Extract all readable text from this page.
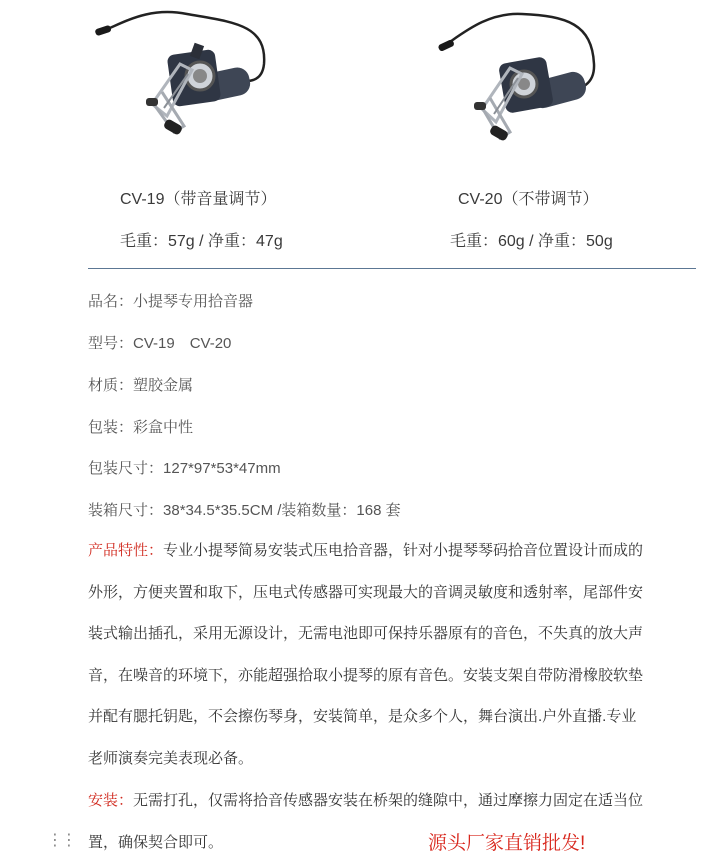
CV-19（带音量调节）
毛重：57g / 净重：47g
CV-20（不带调节）
毛重：60g / 净重：50g
品名：小提琴专用拾音器
型号：CV-19　CV-20
材质：塑胶金属
包装：彩盒中性
包装尺寸：127*97*53*47mm
装箱尺寸：38*34.5*35.5CM /装箱数量：168 套
产品特性：专业小提琴简易安装式压电拾音器，针对小提琴琴码拾音位置设计而成的外形，方便夹置和取下，压电式传感器可实现最大的音调灵敏度和透射率，尾部件安装式输出插孔，采用无源设计，无需电池即可保持乐器原有的音色，不失真的放大声音，在噪音的环境下，亦能超强拾取小提琴的原有音色。安装支架自带防滑橡胶软垫并配有腮托钥匙，不会擦伤琴身，安装简单，是众多个人，舞台演出.户外直播.专业老师演奏完美表现必备。
安装：无需打孔，仅需将拾音传感器安装在桥架的缝隙中，通过摩擦力固定在适当位置，确保契合即可。
⋮⋮	源头厂家直销批发!
